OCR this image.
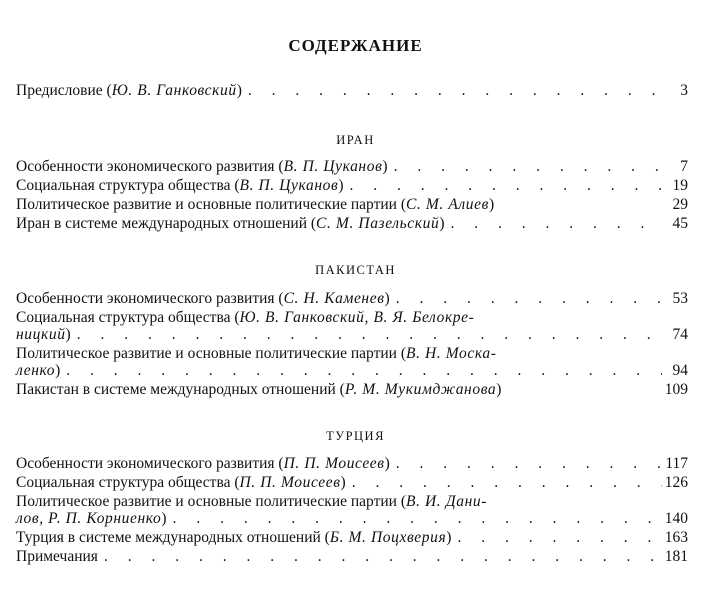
СОДЕРЖАНИЕ
Предисловие (Ю. В. Ганковский) . . .	3
ИРАН
Особенности экономического развития (В. П. Цуканов) . . .	7
Социальная структура общества (В. П. Цуканов) . . .	19
Политическое развитие и основные политические партии (С. М. Алиев)	29
Иран в системе международных отношений (С. М. Пазельский) . . .	45
ПАКИСТАН
Особенности экономического развития (С. Н. Каменев) . . .	53
Социальная структура общества (Ю. В. Ганковский, В. Я. Белокре-
ницкий) . . .	74
Политическое развитие и основные политические партии (В. Н. Моска-
ленко) . . .	94
Пакистан в системе международных отношений (Р. М. Мукимджанова)	109
ТУРЦИЯ
Особенности экономического развития (П. П. Моисеев) . . .	117
Социальная структура общества (П. П. Моисеев) . . .	126
Политическое развитие и основные политические партии (В. И. Дани-
лов, Р. П. Корниенко) . . .	140
Турция в системе международных отношений (Б. М. Поцхверия) . . .	163
Примечания . . .	181
